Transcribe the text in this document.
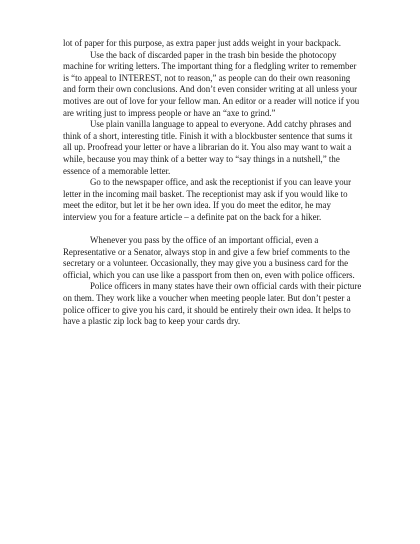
lot of paper for this purpose, as extra paper just adds weight in your backpack.

Use the back of discarded paper in the trash bin beside the photocopy machine for writing letters. The important thing for a fledgling writer to remember is “to appeal to INTEREST, not to reason,” as people can do their own reasoning and form their own conclusions. And don’t even consider writing at all unless your motives are out of love for your fellow man. An editor or a reader will notice if you are writing just to impress people or have an “axe to grind.”

Use plain vanilla language to appeal to everyone. Add catchy phrases and think of a short, interesting title. Finish it with a blockbuster sentence that sums it all up. Proofread your letter or have a librarian do it. You also may want to wait a while, because you may think of a better way to “say things in a nutshell,” the essence of a memorable letter.

Go to the newspaper office, and ask the receptionist if you can leave your letter in the incoming mail basket. The receptionist may ask if you would like to meet the editor, but let it be her own idea. If you do meet the editor, he may interview you for a feature article – a definite pat on the back for a hiker.

Whenever you pass by the office of an important official, even a Representative or a Senator, always stop in and give a few brief comments to the secretary or a volunteer. Occasionally, they may give you a business card for the official, which you can use like a passport from then on, even with police officers.

Police officers in many states have their own official cards with their picture on them. They work like a voucher when meeting people later. But don’t pester a police officer to give you his card, it should be entirely their own idea. It helps to have a plastic zip lock bag to keep your cards dry.
